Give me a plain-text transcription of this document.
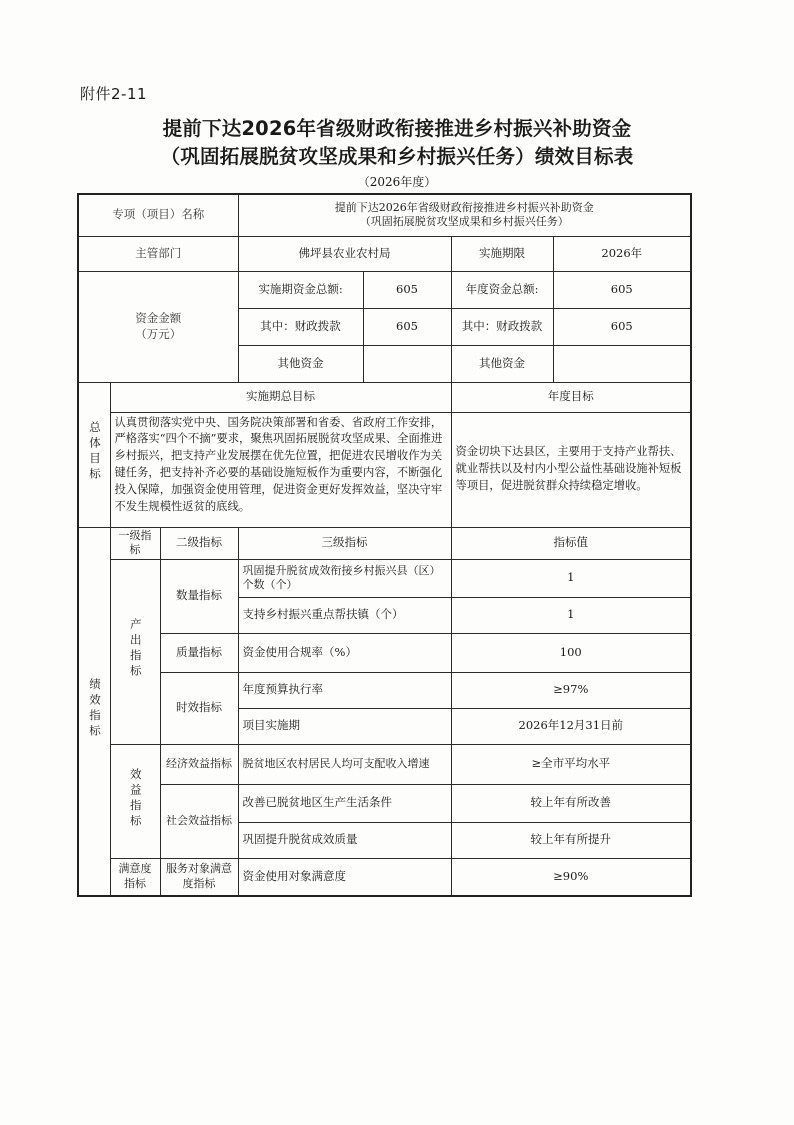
附件2-11
提前下达2026年省级财政衔接推进乡村振兴补助资金
（巩固拓展脱贫攻坚成果和乡村振兴任务）绩效目标表
（2026年度）
专项（项目）名称			提前下达2026年省级财政衔接推进乡村振兴补助资金
（巩固拓展脱贫攻坚成果和乡村振兴任务）			

主管部门			佛坪县农业农村局		实施期限	2026年

资金金额
（万元）			实施期资金总额:	605	年度资金总额:	605
			其中：财政拨款	605	其中：财政拨款	605
			其他资金		其他资金	
总体目标	实施期总目标				年度目标	

	认真贯彻落实党中央、国务院决策部署和省委、省政府工作安排，严格落实“四个不摘”要求，聚焦巩固拓展脱贫攻坚成果、全面推进乡村振兴，把支持产业发展摆在优先位置，把促进农民增收作为关键任务，把支持补齐必要的基础设施短板作为重要内容，不断强化投入保障，加强资金使用管理，促进资金更好发挥效益，坚决守牢不发生规模性返贫的底线。				资金切块下达县区，主要用于支持产业帮扶、就业帮扶以及村内小型公益性基础设施补短板等项目，促进脱贫群众持续稳定增收。	
绩效指标	一级指标	二级指标	三级指标		指标值	
	产出指标	数量指标	巩固提升脱贫成效衔接乡村振兴县（区）个数（个）		1	
			支持乡村振兴重点帮扶镇（个）		1	
		质量指标	资金使用合规率（%）		100	
		时效指标	年度预算执行率		≥97%	
			项目实施期		2026年12月31日前	
	效益指标	经济效益指标	脱贫地区农村居民人均可支配收入增速		≥全市平均水平	
		社会效益指标	改善已脱贫地区生产生活条件		较上年有所改善	
			巩固提升脱贫成效质量		较上年有所提升	
	满意度指标	服务对象满意度指标	资金使用对象满意度		≥90%	
